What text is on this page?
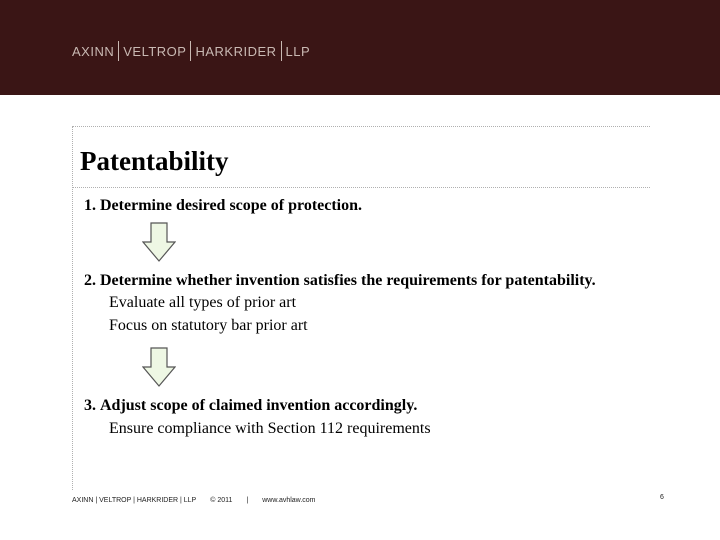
AXINN VELTROP HARKRIDER LLP
Patentability
1. Determine desired scope of protection.
2. Determine whether invention satisfies the requirements for patentability.
Evaluate all types of prior art
Focus on statutory bar prior art
3. Adjust scope of claimed invention accordingly.
Ensure compliance with Section 112 requirements
AXINN | VELTROP | HARKRIDER | LLP © 2011 | www.avhlaw.com	6
